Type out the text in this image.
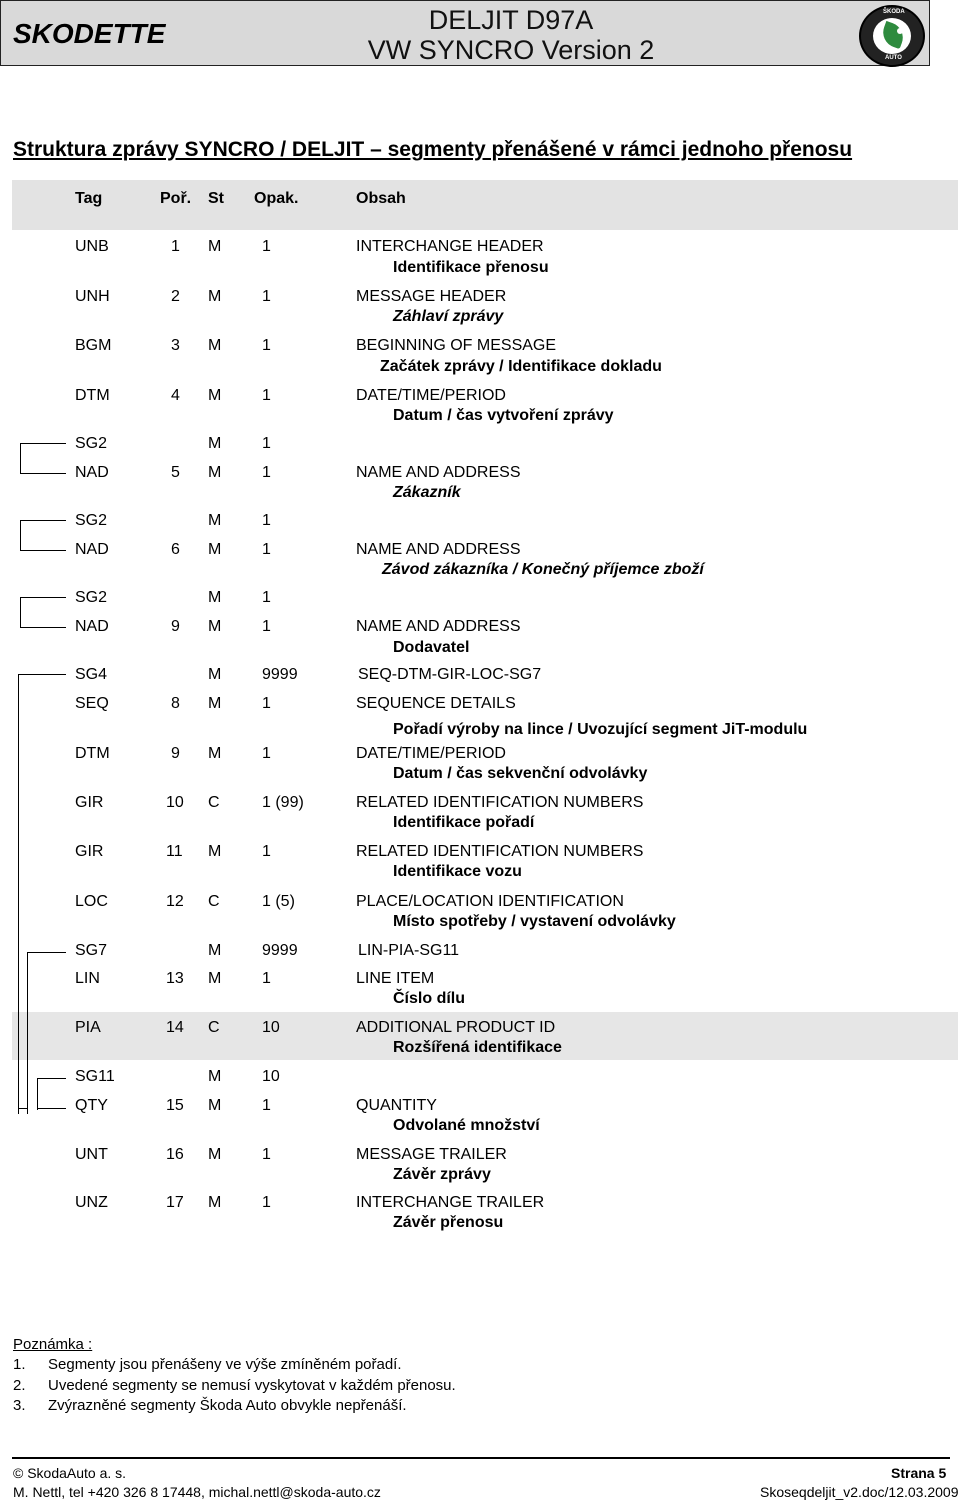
SKODETTE	DELJIT D97A
VW SYNCRO Version 2
ŠKODA
AUTO
Struktura zprávy SYNCRO / DELJIT – segmenty přenášené v rámci jednoho přenosu
Tag	Poř. St Opak.	Obsah
UNB	1 M	1	INTERCHANGE HEADER
Identifikace přenosu
UNH	2 M	1	MESSAGE HEADER
Záhlaví zprávy
BGM	3 M	1	BEGINNING OF MESSAGE
Začátek zprávy / Identifikace dokladu
DTM	4 M	1	DATE/TIME/PERIOD
Datum / čas vytvoření zprávy
SG2	M	1
NAD	5 M	1	NAME AND ADDRESS
Zákazník
SG2	M	1
NAD	6 M	1	NAME AND ADDRESS
Závod zákazníka / Konečný příjemce zboží
SG2	M	1
NAD	9 M	1	NAME AND ADDRESS
Dodavatel
SG4	M	9999	SEQ-DTM-GIR-LOC-SG7
SEQ	8 M	1	SEQUENCE DETAILS
Pořadí výroby na lince / Uvozující segment JiT-modulu
DTM	9 M	1	DATE/TIME/PERIOD
Datum / čas sekvenční odvolávky
GIR	10 C	1 (99)	RELATED IDENTIFICATION NUMBERS
Identifikace pořadí
GIR	11 M	1	RELATED IDENTIFICATION NUMBERS
Identifikace vozu
LOC	12 C	1 (5)	PLACE/LOCATION IDENTIFICATION
Místo spotřeby / vystavení odvolávky
SG7	M	9999	LIN-PIA-SG11
LIN	13 M	1	LINE ITEM
Číslo dílu
PIA	14 C	10	ADDITIONAL PRODUCT ID
Rozšířená identifikace
SG11	M	10
QTY	15 M	1	QUANTITY
Odvolané množství
UNT	16 M	1	MESSAGE TRAILER
Závěr zprávy
UNZ	17 M	1	INTERCHANGE TRAILER
Závěr přenosu
Poznámka :
1. Segmenty jsou přenášeny ve výše zmíněném pořadí.
2. Uvedené segmenty se nemusí vyskytovat v každém přenosu.
3. Zvýrazněné segmenty Škoda Auto obvykle nepřenáší.
© SkodaAuto a. s.
M. Nettl, tel +420 326 8 17448, michal.nettl@skoda-auto.cz
Strana 5
Skoseqdeljit_v2.doc/12.03.2009
